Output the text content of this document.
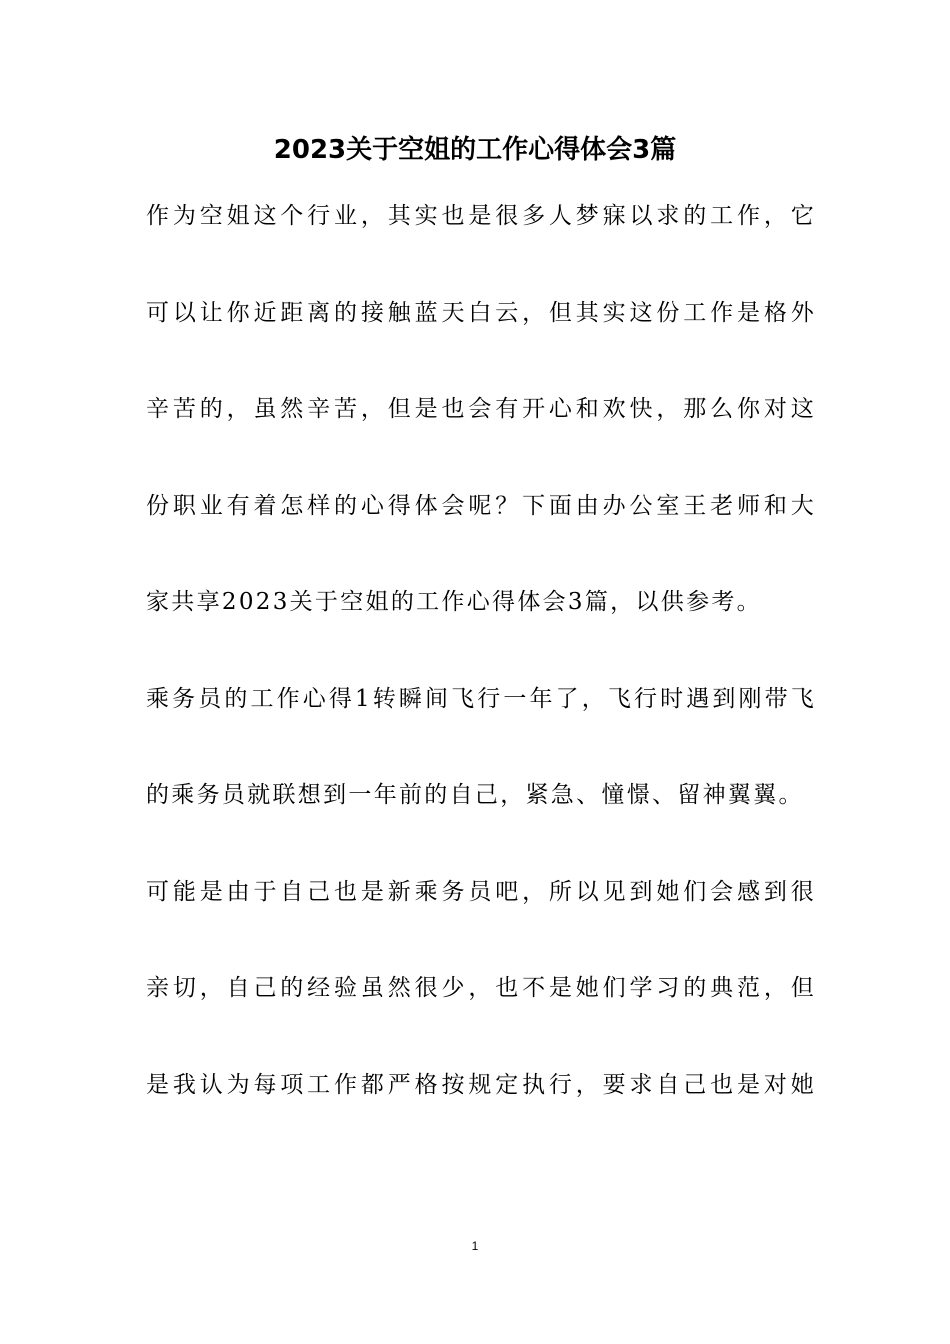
2023关于空姐的工作心得体会3篇
作为空姐这个行业，其实也是很多人梦寐以求的工作，它
可以让你近距离的接触蓝天白云，但其实这份工作是格外
辛苦的，虽然辛苦，但是也会有开心和欢快，那么你对这
份职业有着怎样的心得体会呢？下面由办公室王老师和大
家共享2023关于空姐的工作心得体会3篇，以供参考。
乘务员的工作心得1转瞬间飞行一年了，飞行时遇到刚带飞
的乘务员就联想到一年前的自己，紧急、憧憬、留神翼翼。
可能是由于自己也是新乘务员吧，所以见到她们会感到很
亲切，自己的经验虽然很少，也不是她们学习的典范，但
是我认为每项工作都严格按规定执行，要求自己也是对她
1
